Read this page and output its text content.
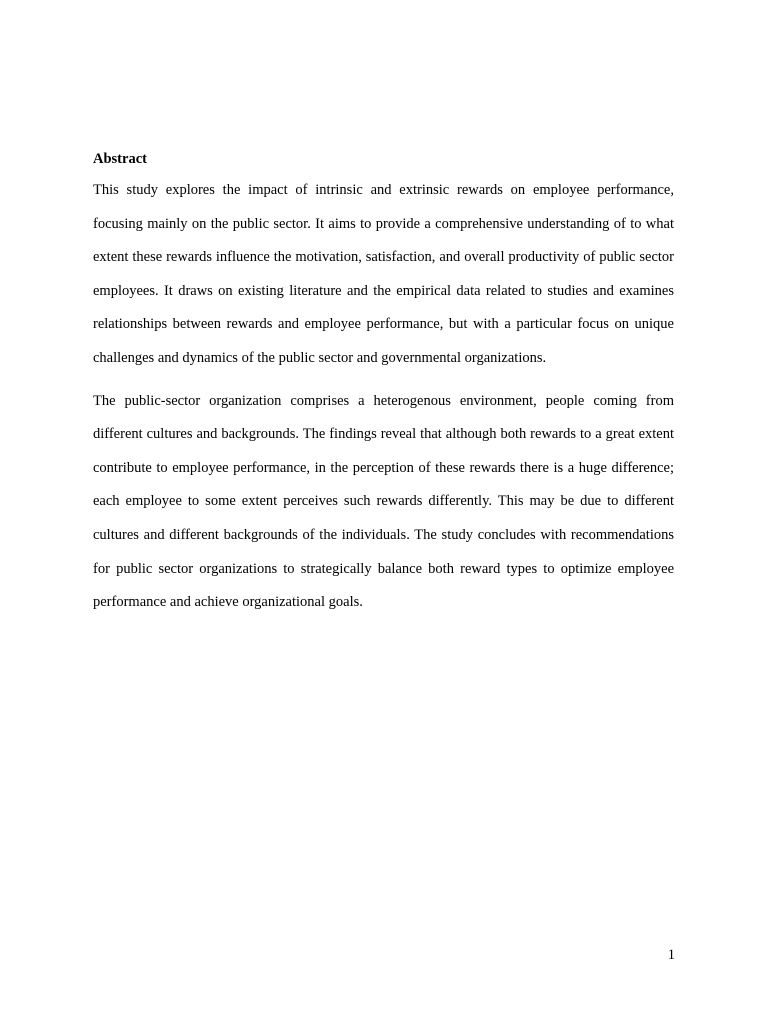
Abstract

This study explores the impact of intrinsic and extrinsic rewards on employee performance, focusing mainly on the public sector. It aims to provide a comprehensive understanding of to what extent these rewards influence the motivation, satisfaction, and overall productivity of public sector employees. It draws on existing literature and the empirical data related to studies and examines relationships between rewards and employee performance, but with a particular focus on unique challenges and dynamics of the public sector and governmental organizations.

The public-sector organization comprises a heterogenous environment, people coming from different cultures and backgrounds. The findings reveal that although both rewards to a great extent contribute to employee performance, in the perception of these rewards there is a huge difference; each employee to some extent perceives such rewards differently. This may be due to different cultures and different backgrounds of the individuals. The study concludes with recommendations for public sector organizations to strategically balance both reward types to optimize employee performance and achieve organizational goals.

1
